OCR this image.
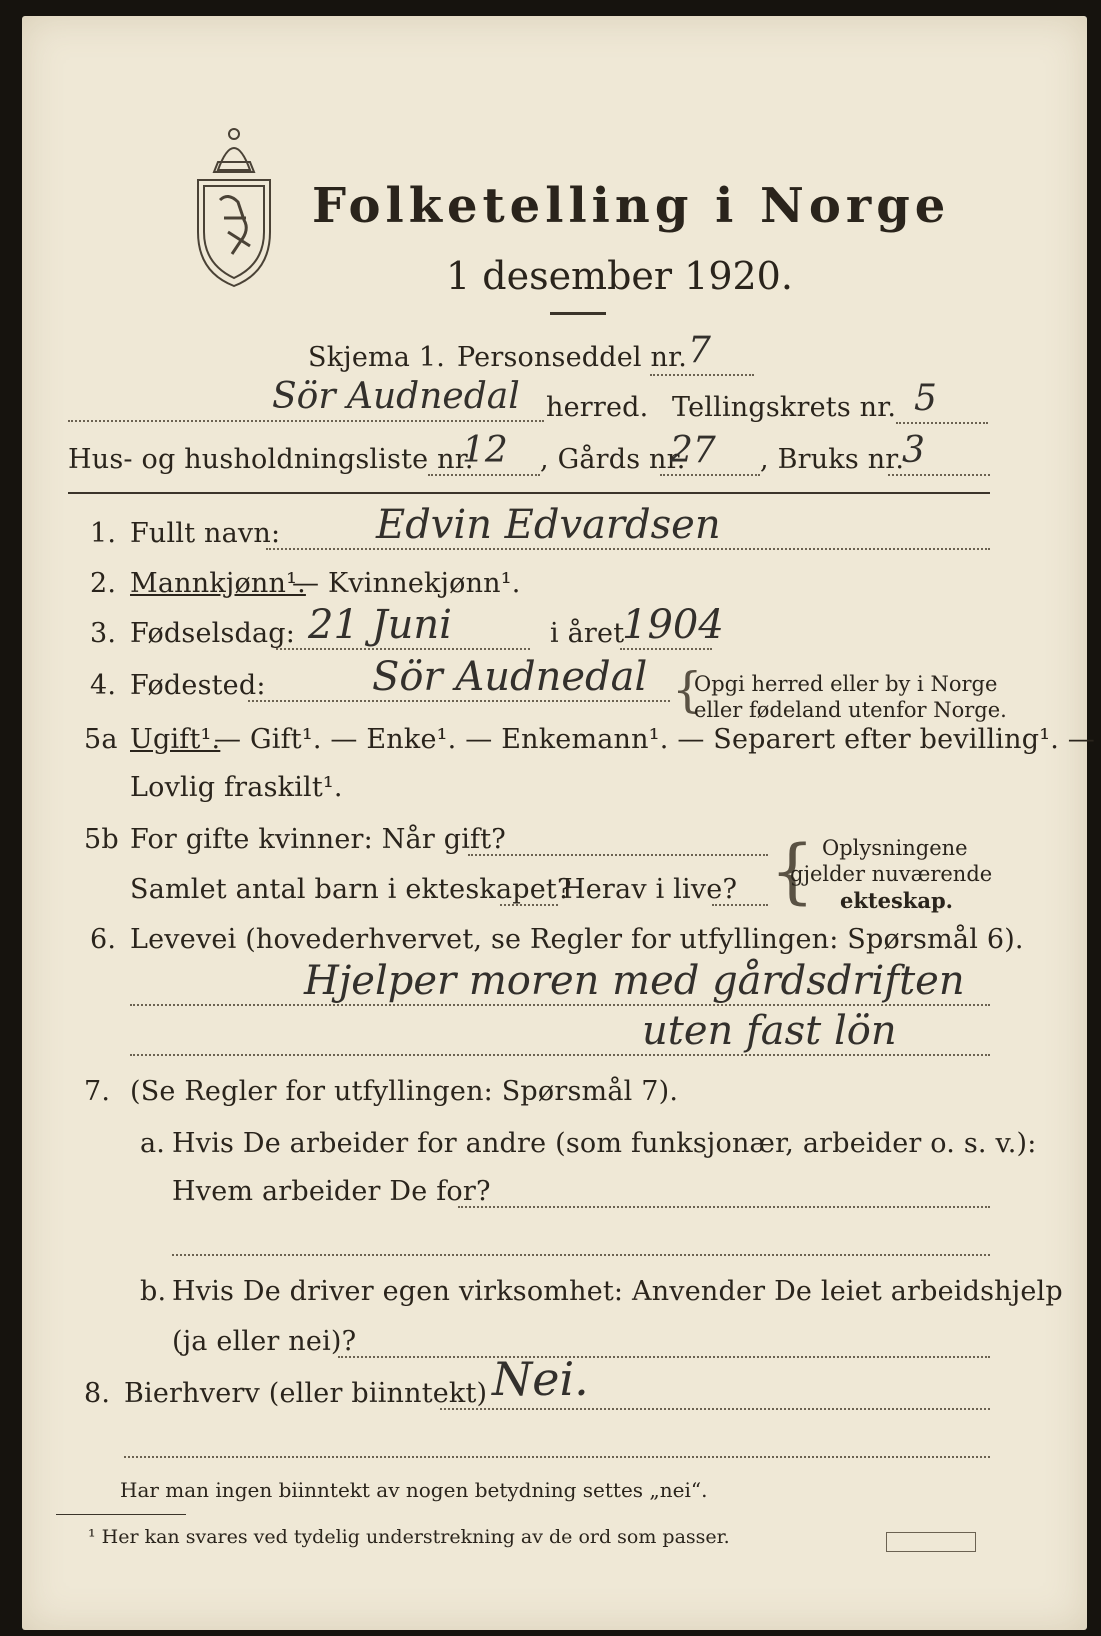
Folketelling i Norge
1 desember 1920.
Skjema 1. Personseddel nr. 7
Sör Audnedal herred. Tellingskrets nr. 5
Hus- og husholdningsliste nr.
12 , Gårds nr.
27 , Bruks nr.
3
1. Fullt navn: Edvin Edvardsen
2. Mannkjønn¹.
— Kvinnekjønn¹.
3. Fødselsdag: 21 Juni	i året
1904
4. Fødested:	Sör Audnedal {
Opgi herred eller by i Norge
eller fødeland utenfor Norge.
5a Ugift¹.
— Gift¹. — Enke¹. — Enkemann¹. — Separert efter bevilling¹. —
Lovlig fraskilt¹.
5b For gifte kvinner: Når gift?
Samlet antal barn i ekteskapet?
Herav i live? { Oplysningene
gjelder nuværende
ekteskap.
6. Levevei (hovederhvervet, se Regler for utfyllingen: Spørsmål 6).
Hjelper moren med gårdsdriften
uten fast lön
7. (Se Regler for utfyllingen: Spørsmål 7).
a. Hvis De arbeider for andre (som funksjonær, arbeider o. s. v.):
Hvem arbeider De for?
b. Hvis De driver egen virksomhet: Anvender De leiet arbeidshjelp
(ja eller nei)?
8. Bierhverv (eller biinntekt) Nei.
Har man ingen biinntekt av nogen betydning settes „nei“.
¹ Her kan svares ved tydelig understrekning av de ord som passer.
